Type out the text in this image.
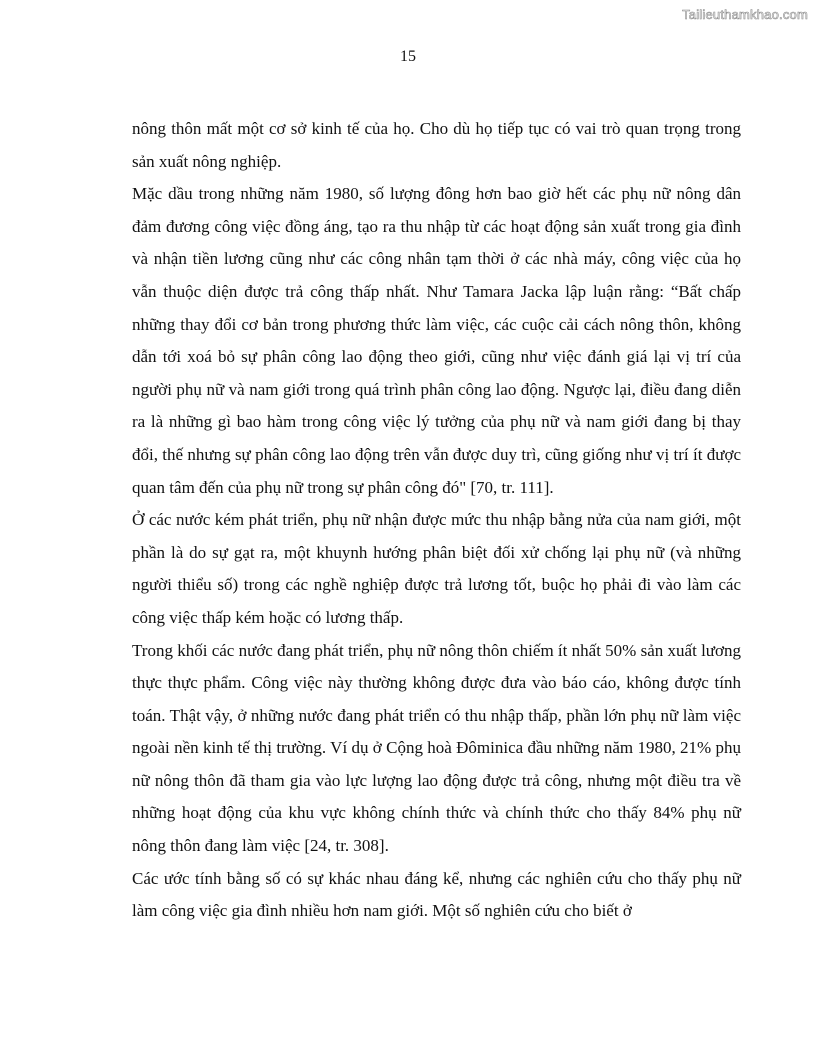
Tailieuthamkhao.com
15

nông thôn mất một cơ sở kinh tế của họ. Cho dù họ tiếp tục có vai trò quan trọng trong sản xuất nông nghiệp.

Mặc dầu trong những năm 1980, số lượng đông hơn bao giờ hết các phụ nữ nông dân đảm đương công việc đồng áng, tạo ra thu nhập từ các hoạt động sản xuất trong gia đình và nhận tiền lương cũng như các công nhân tạm thời ở các nhà máy, công việc của họ vẫn thuộc diện được trả công thấp nhất. Như Tamara Jacka lập luận rằng: “Bất chấp những thay đổi cơ bản trong phương thức làm việc, các cuộc cải cách nông thôn, không dẫn tới xoá bỏ sự phân công lao động theo giới, cũng như việc đánh giá lại vị trí của người phụ nữ và nam giới trong quá trình phân công lao động. Ngược lại, điều đang diễn ra là những gì bao hàm trong công việc lý tưởng của phụ nữ và nam giới đang bị thay đổi, thế nhưng sự phân công lao động trên vẫn được duy trì, cũng giống như vị trí ít được quan tâm đến của phụ nữ trong sự phân công đó" [70, tr. 111].

Ở các nước kém phát triển, phụ nữ nhận được mức thu nhập bằng nửa của nam giới, một phần là do sự gạt ra, một khuynh hướng phân biệt đối xử chống lại phụ nữ (và những người thiểu số) trong các nghề nghiệp được trả lương tốt, buộc họ phải đi vào làm các công việc thấp kém hoặc có lương thấp.

Trong khối các nước đang phát triển, phụ nữ nông thôn chiếm ít nhất 50% sản xuất lương thực thực phẩm. Công việc này thường không được đưa vào báo cáo, không được tính toán. Thật vậy, ở những nước đang phát triển có thu nhập thấp, phần lớn phụ nữ làm việc ngoài nền kinh tế thị trường. Ví dụ ở Cộng hoà Đôminica đầu những năm 1980, 21% phụ nữ nông thôn đã tham gia vào lực lượng lao động được trả công, nhưng một điều tra về những hoạt động của khu vực không chính thức và chính thức cho thấy 84% phụ nữ nông thôn đang làm việc [24, tr. 308].

Các ước tính bằng số có sự khác nhau đáng kể, nhưng các nghiên cứu cho thấy phụ nữ làm công việc gia đình nhiều hơn nam giới. Một số nghiên cứu cho biết ở
